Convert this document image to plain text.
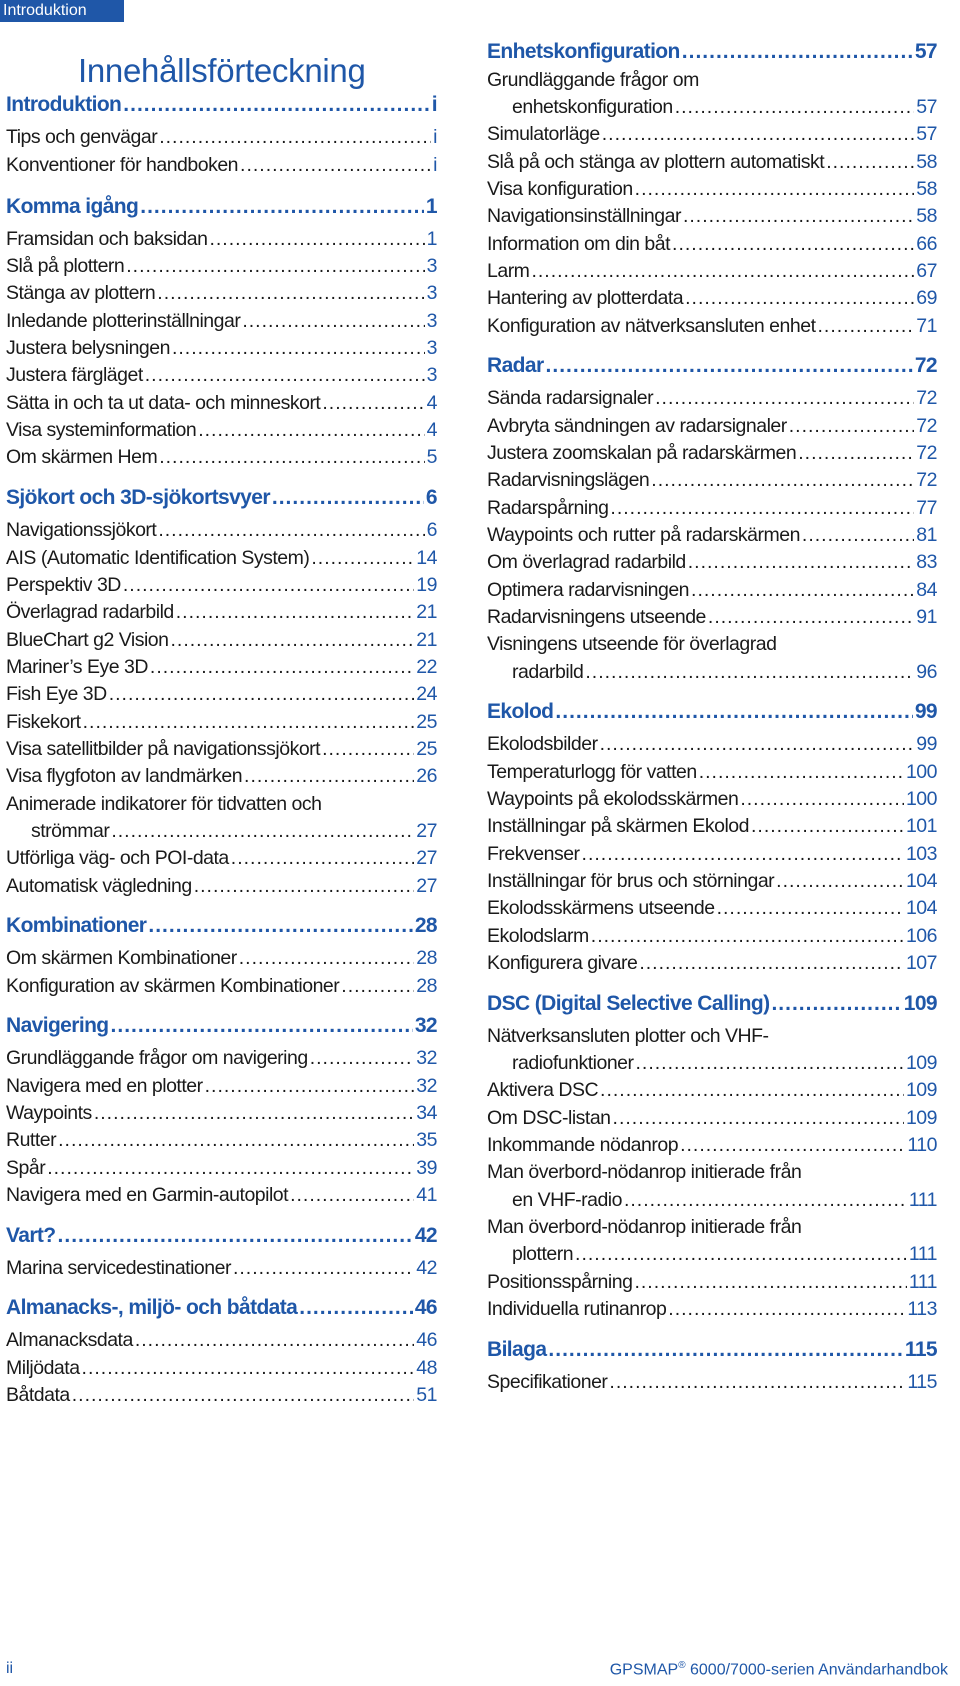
Introduktion
Innehållsförteckning
Introduktion .....	i
Tips och genvägar .....	i
Konventioner för handboken .....	i
Komma igång .....	1
Framsidan och baksidan .....	1
Slå på plottern .....	3
Stänga av plottern .....	3
Inledande plotterinställningar .....	3
Justera belysningen .....	3
Justera färgläget .....	3
Sätta in och ta ut data- och minneskort .....	4
Visa systeminformation .....	4
Om skärmen Hem .....	5
Sjökort och 3D-sjökortsvyer .....	6
Navigationssjökort .....	6
AIS (Automatic Identification System) .....	14
Perspektiv 3D .....	19
Överlagrad radarbild .....	21
BlueChart g2 Vision .....	21
Mariner’s Eye 3D .....	22
Fish Eye 3D .....	24
Fiskekort .....	25
Visa satellitbilder på navigationssjökort .....	25
Visa flygfoton av landmärken .....	26
Animerade indikatorer för tidvatten och
strömmar .....	27
Utförliga väg- och POI-data .....	27
Automatisk vägledning .....	27
Kombinationer .....	28
Om skärmen Kombinationer .....	28
Konfiguration av skärmen Kombinationer .....	28
Navigering .....	32
Grundläggande frågor om navigering .....	32
Navigera med en plotter .....	32
Waypoints .....	34
Rutter .....	35
Spår .....	39
Navigera med en Garmin-autopilot .....	41
Vart? .....	42
Marina servicedestinationer .....	42
Almanacks-, miljö- och båtdata .....	46
Almanacksdata .....	46
Miljödata .....	48
Båtdata .....	51
Enhetskonfiguration .....	57
Grundläggande frågor om
enhetskonfiguration .....	57
Simulatorläge .....	57
Slå på och stänga av plottern automatiskt .....	58
Visa konfiguration .....	58
Navigationsinställningar .....	58
Information om din båt .....	66
Larm .....	67
Hantering av plotterdata .....	69
Konfiguration av nätverksansluten enhet .....	71
Radar .....	72
Sända radarsignaler .....	72
Avbryta sändningen av radarsignaler .....	72
Justera zoomskalan på radarskärmen .....	72
Radarvisningslägen .....	72
Radarspårning .....	77
Waypoints och rutter på radarskärmen .....	81
Om överlagrad radarbild .....	83
Optimera radarvisningen .....	84
Radarvisningens utseende .....	91
Visningens utseende för överlagrad
radarbild .....	96
Ekolod .....	99
Ekolodsbilder .....	99
Temperaturlogg för vatten .....	100
Waypoints på ekolodsskärmen .....	100
Inställningar på skärmen Ekolod .....	101
Frekvenser .....	103
Inställningar för brus och störningar .....	104
Ekolodsskärmens utseende .....	104
Ekolodslarm .....	106
Konfigurera givare .....	107
DSC (Digital Selective Calling) .....	109
Nätverksansluten plotter och VHF-
radiofunktioner .....	109
Aktivera DSC .....	109
Om DSC-listan .....	109
Inkommande nödanrop .....	110
Man överbord-nödanrop initierade från
en VHF-radio .....	111
Man överbord-nödanrop initierade från
plottern .....	111
Positionsspårning .....	111
Individuella rutinanrop .....	113
Bilaga .....	115
Specifikationer .....	115
ii	GPSMAP® 6000/7000-serien Användarhandbok
